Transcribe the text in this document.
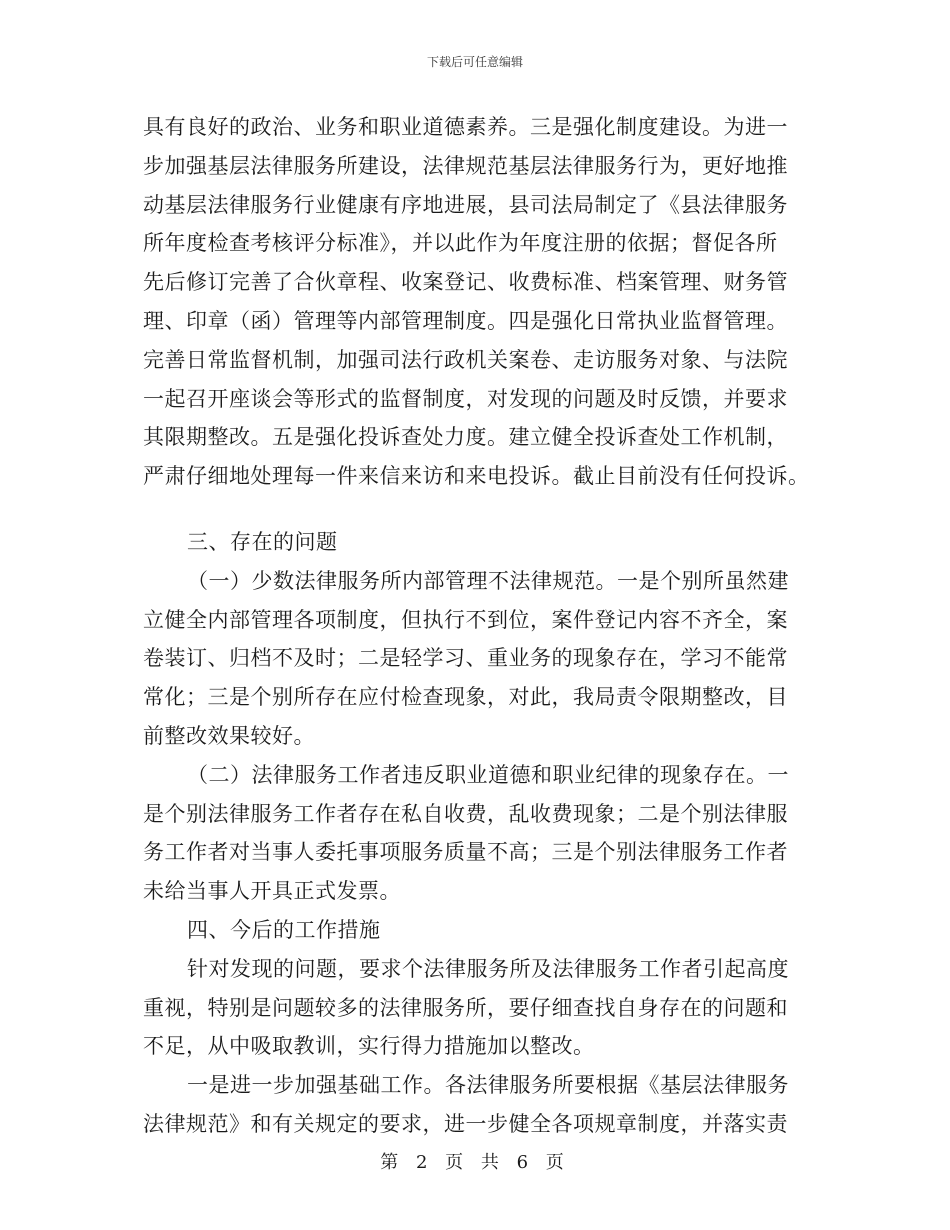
下载后可任意编辑
具有良好的政治、业务和职业道德素养。三是强化制度建设。为进一
步加强基层法律服务所建设，法律规范基层法律服务行为，更好地推
动基层法律服务行业健康有序地进展，县司法局制定了《县法律服务
所年度检查考核评分标准》，并以此作为年度注册的依据；督促各所
先后修订完善了合伙章程、收案登记、收费标准、档案管理、财务管
理、印章（函）管理等内部管理制度。四是强化日常执业监督管理。
完善日常监督机制，加强司法行政机关案卷、走访服务对象、与法院
一起召开座谈会等形式的监督制度，对发现的问题及时反馈，并要求
其限期整改。五是强化投诉查处力度。建立健全投诉查处工作机制，
严肃仔细地处理每一件来信来访和来电投诉。截止目前没有任何投诉。
三、存在的问题
（一）少数法律服务所内部管理不法律规范。一是个别所虽然建
立健全内部管理各项制度，但执行不到位，案件登记内容不齐全，案
卷装订、归档不及时；二是轻学习、重业务的现象存在，学习不能常
常化；三是个别所存在应付检查现象，对此，我局责令限期整改，目
前整改效果较好。
（二）法律服务工作者违反职业道德和职业纪律的现象存在。一
是个别法律服务工作者存在私自收费，乱收费现象；二是个别法律服
务工作者对当事人委托事项服务质量不高；三是个别法律服务工作者
未给当事人开具正式发票。
四、今后的工作措施
针对发现的问题，要求个法律服务所及法律服务工作者引起高度
重视，特别是问题较多的法律服务所，要仔细查找自身存在的问题和
不足，从中吸取教训，实行得力措施加以整改。
一是进一步加强基础工作。各法律服务所要根据《基层法律服务
法律规范》和有关规定的要求，进一步健全各项规章制度，并落实责
第 2 页 共 6 页
